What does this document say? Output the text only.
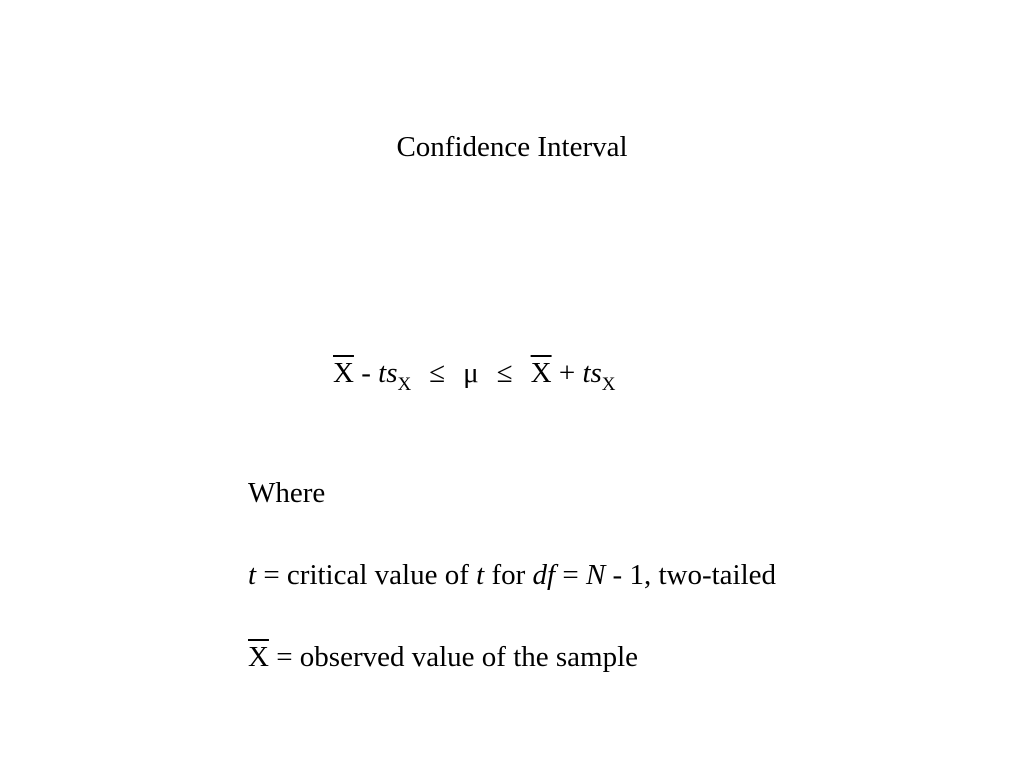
Confidence Interval
$\overline{X} - ts_X \le \mu \le \overline{X} + ts_X$
Where
t = critical value of t for df = N - 1, two-tailed
$\overline{X}$ = observed value of the sample
